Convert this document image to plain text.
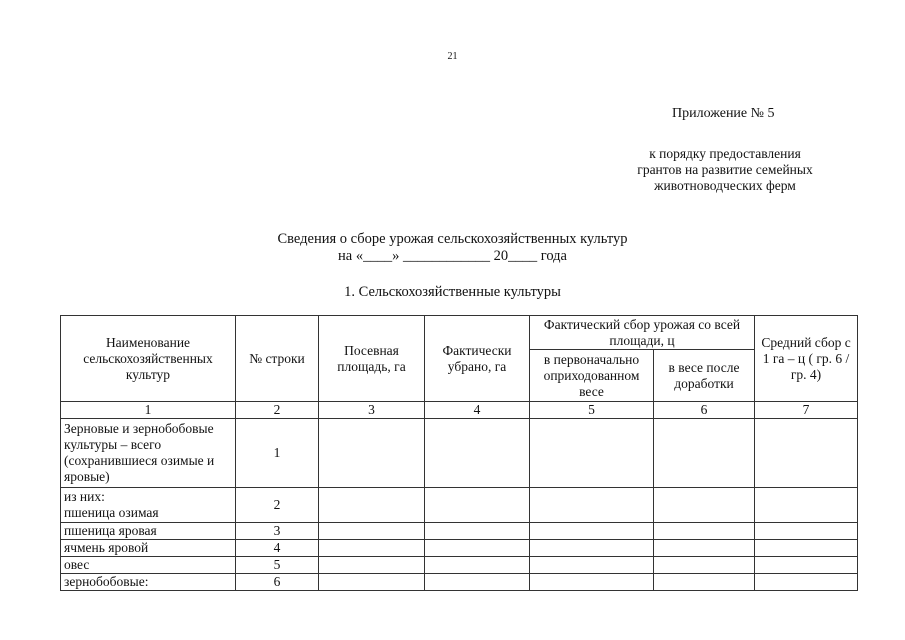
21
Приложение № 5
к порядку предоставления
грантов на развитие семейных
животноводческих ферм
Сведения о сборе урожая сельскохозяйственных культур
на «____» ____________ 20____ года
1. Сельскохозяйственные культуры
Наименование сельскохозяйственных культур	№ строки	Посевная площадь, га	Фактически убрано, га	Фактический сбор урожая со всей площади, ц		Средний сбор с 1 га – ц ( гр. 6 / гр. 4)
				в первоначально оприходованном весе	в весе после доработки	
1	2	3	4	5	6	7
Зерновые и зернобобовые культуры – всего (сохранившиеся озимые и яровые)	1					
из них:
пшеница озимая	2					
пшеница яровая	3					
ячмень яровой	4					
овес	5					
зернобобовые:	6					
